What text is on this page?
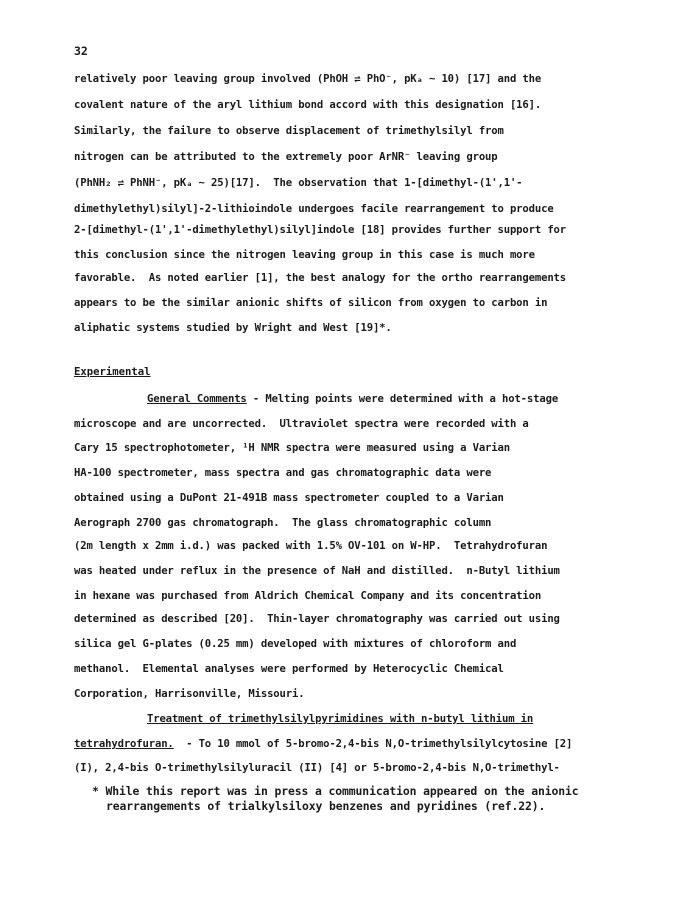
32
relatively poor leaving group involved (PhOH ⇌ PhO⁻, pKₐ ~ 10) [17] and the
covalent nature of the aryl lithium bond accord with this designation [16].
Similarly, the failure to observe displacement of trimethylsilyl from
nitrogen can be attributed to the extremely poor ArNR⁻ leaving group
(PhNH₂ ⇌ PhNH⁻, pKₐ ~ 25)[17].  The observation that 1-[dimethyl-(1',1'-
dimethylethyl)silyl]-2-lithioindole undergoes facile rearrangement to produce
2-[dimethyl-(1',1'-dimethylethyl)silyl]indole [18] provides further support for
this conclusion since the nitrogen leaving group in this case is much more
favorable.  As noted earlier [1], the best analogy for the ortho rearrangements
appears to be the similar anionic shifts of silicon from oxygen to carbon in
aliphatic systems studied by Wright and West [19]*.
Experimental
General Comments - Melting points were determined with a hot-stage
microscope and are uncorrected.  Ultraviolet spectra were recorded with a
Cary 15 spectrophotometer, ¹H NMR spectra were measured using a Varian
HA-100 spectrometer, mass spectra and gas chromatographic data were
obtained using a DuPont 21-491B mass spectrometer coupled to a Varian
Aerograph 2700 gas chromatograph.  The glass chromatographic column
(2m length x 2mm i.d.) was packed with 1.5% OV-101 on W-HP.  Tetrahydrofuran
was heated under reflux in the presence of NaH and distilled.  n-Butyl lithium
in hexane was purchased from Aldrich Chemical Company and its concentration
determined as described [20].  Thin-layer chromatography was carried out using
silica gel G-plates (0.25 mm) developed with mixtures of chloroform and
methanol.  Elemental analyses were performed by Heterocyclic Chemical
Corporation, Harrisonville, Missouri.
Treatment of trimethylsilylpyrimidines with n-butyl lithium in
tetrahydrofuran.  - To 10 mmol of 5-bromo-2,4-bis N,O-trimethylsilylcytosine [2]
(I), 2,4-bis O-trimethylsilyluracil (II) [4] or 5-bromo-2,4-bis N,O-trimethyl-
* While this report was in press a communication appeared on the anionic
rearrangements of trialkylsiloxy benzenes and pyridines (ref.22).
